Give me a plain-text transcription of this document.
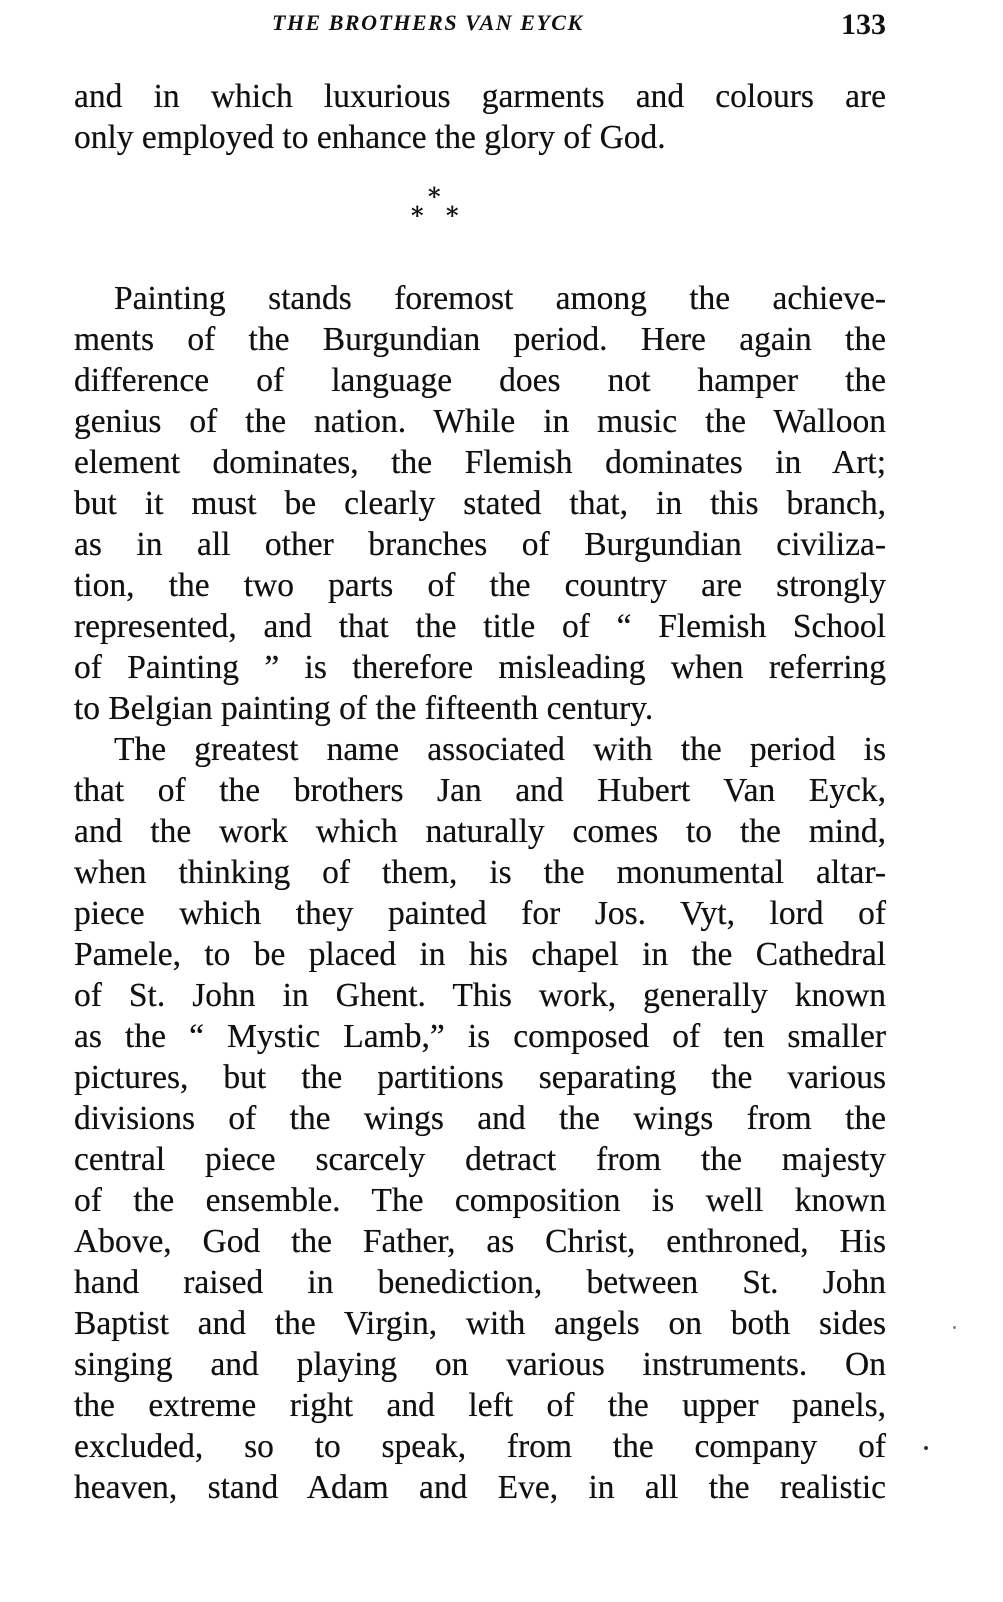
THE BROTHERS VAN EYCK	133
and in which luxurious garments and colours are
only employed to enhance the glory of God.
*
* *
Painting stands foremost among the achieve-
ments of the Burgundian period. Here again the
difference of language does not hamper the
genius of the nation. While in music the Walloon
element dominates, the Flemish dominates in Art;
but it must be clearly stated that, in this branch,
as in all other branches of Burgundian civiliza-
tion, the two parts of the country are strongly
represented, and that the title of “ Flemish School
of Painting ” is therefore misleading when referring
to Belgian painting of the fifteenth century.
The greatest name associated with the period is
that of the brothers Jan and Hubert Van Eyck,
and the work which naturally comes to the mind,
when thinking of them, is the monumental altar-
piece which they painted for Jos. Vyt, lord of
Pamele, to be placed in his chapel in the Cathedral
of St. John in Ghent. This work, generally known
as the “ Mystic Lamb,” is composed of ten smaller
pictures, but the partitions separating the various
divisions of the wings and the wings from the
central piece scarcely detract from the majesty
of the ensemble. The composition is well known
Above, God the Father, as Christ, enthroned, His
hand raised in benediction, between St. John
Baptist and the Virgin, with angels on both sides
singing and playing on various instruments. On
the extreme right and left of the upper panels,
excluded, so to speak, from the company of
heaven, stand Adam and Eve, in all the realistic
